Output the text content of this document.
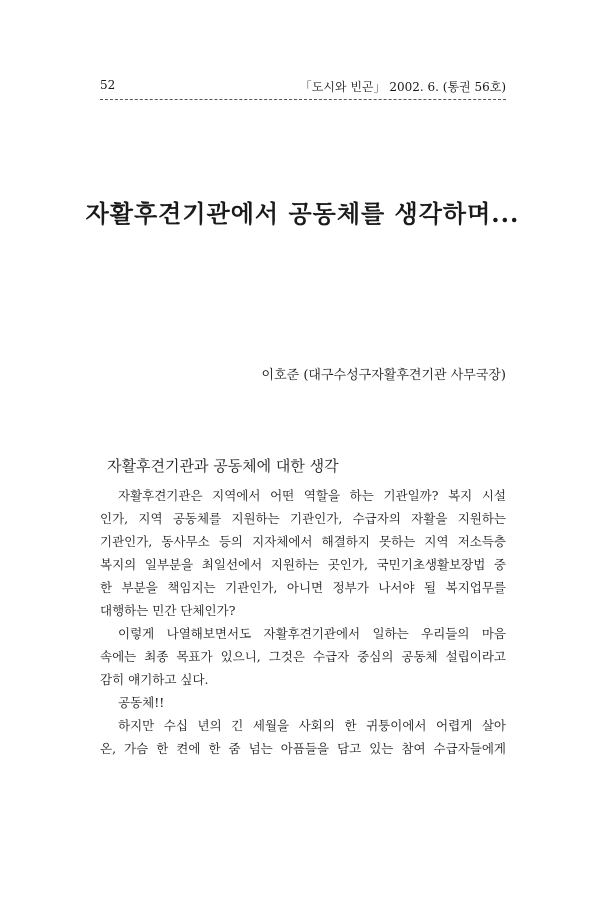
52	「도시와 빈곤」 2002. 6. (통권 56호)
자활후견기관에서 공동체를 생각하며...
이호준 (대구수성구자활후견기관 사무국장)
자활후견기관과 공동체에 대한 생각
자활후견기관은 지역에서 어떤 역할을 하는 기관일까? 복지 시설
인가, 지역 공동체를 지원하는 기관인가, 수급자의 자활을 지원하는
기관인가, 동사무소 등의 지자체에서 해결하지 못하는 지역 저소득층
복지의 일부분을 최일선에서 지원하는 곳인가, 국민기초생활보장법 중
한 부분을 책임지는 기관인가, 아니면 정부가 나서야 될 복지업무를
대행하는 민간 단체인가?
이렇게 나열해보면서도 자활후견기관에서 일하는 우리들의 마음
속에는 최종 목표가 있으니, 그것은 수급자 중심의 공동체 설립이라고
감히 얘기하고 싶다.
공동체!!
하지만 수십 년의 긴 세월을 사회의 한 귀퉁이에서 어렵게 살아
온, 가슴 한 켠에 한 줌 넘는 아픔들을 담고 있는 참여 수급자들에게
